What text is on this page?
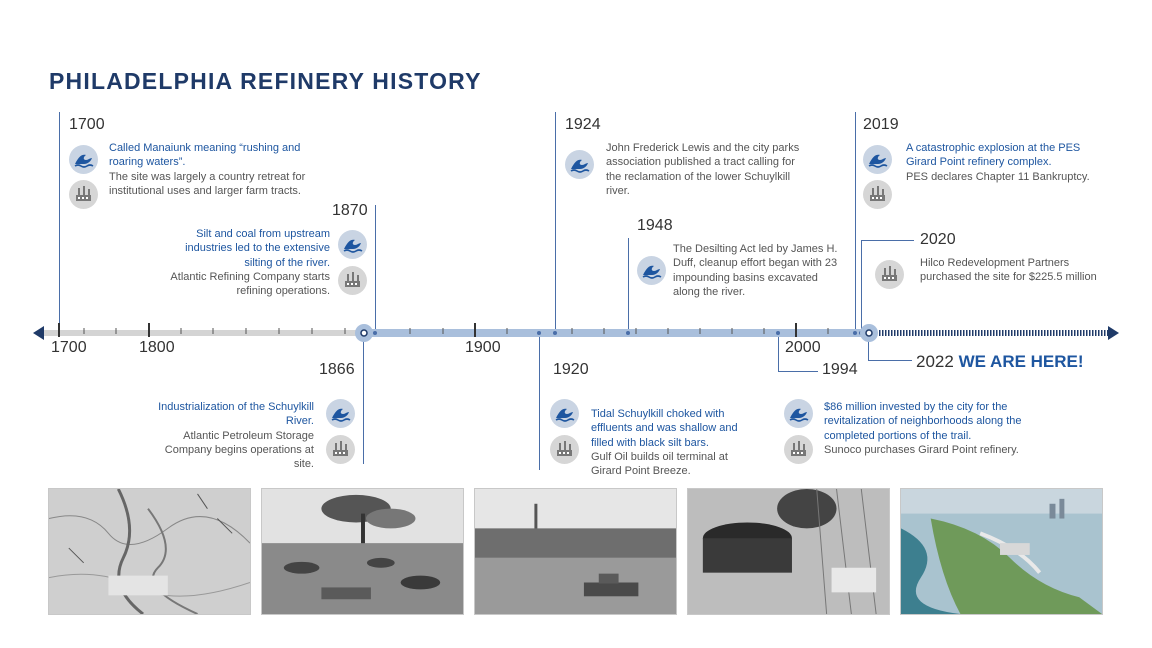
PHILADELPHIA REFINERY HISTORY
1700	1800	1900	2000
1700
Called Manaiunk meaning “rushing and roaring waters”.
The site was largely a country retreat for institutional uses and larger farm tracts.
1870
Silt and coal from upstream industries led to the extensive silting of the river.
Atlantic Refining Company starts refining operations.
1924
John Frederick Lewis and the city parks association published a tract calling for the reclamation of the lower Schuylkill river.
1948
The Desilting Act led by James H. Duff, cleanup effort began with 23 impounding basins excavated along the river.
2019
A catastrophic explosion at the PES Girard Point refinery complex.
PES declares Chapter 11 Bankruptcy.
2020
Hilco Redevelopment Partners purchased the site for $225.5 million
1866
Industrialization of the Schuylkill River.
Atlantic Petroleum Storage Company begins operations at site.
1920
Tidal Schuylkill choked with effluents and was shallow and filled with black silt bars.
Gulf Oil builds oil terminal at Girard Point Breeze.
1994
$86 million invested by the city for the revitalization of neighborhoods along the completed portions of the trail.
Sunoco purchases Girard Point refinery.
2022 WE ARE HERE!
